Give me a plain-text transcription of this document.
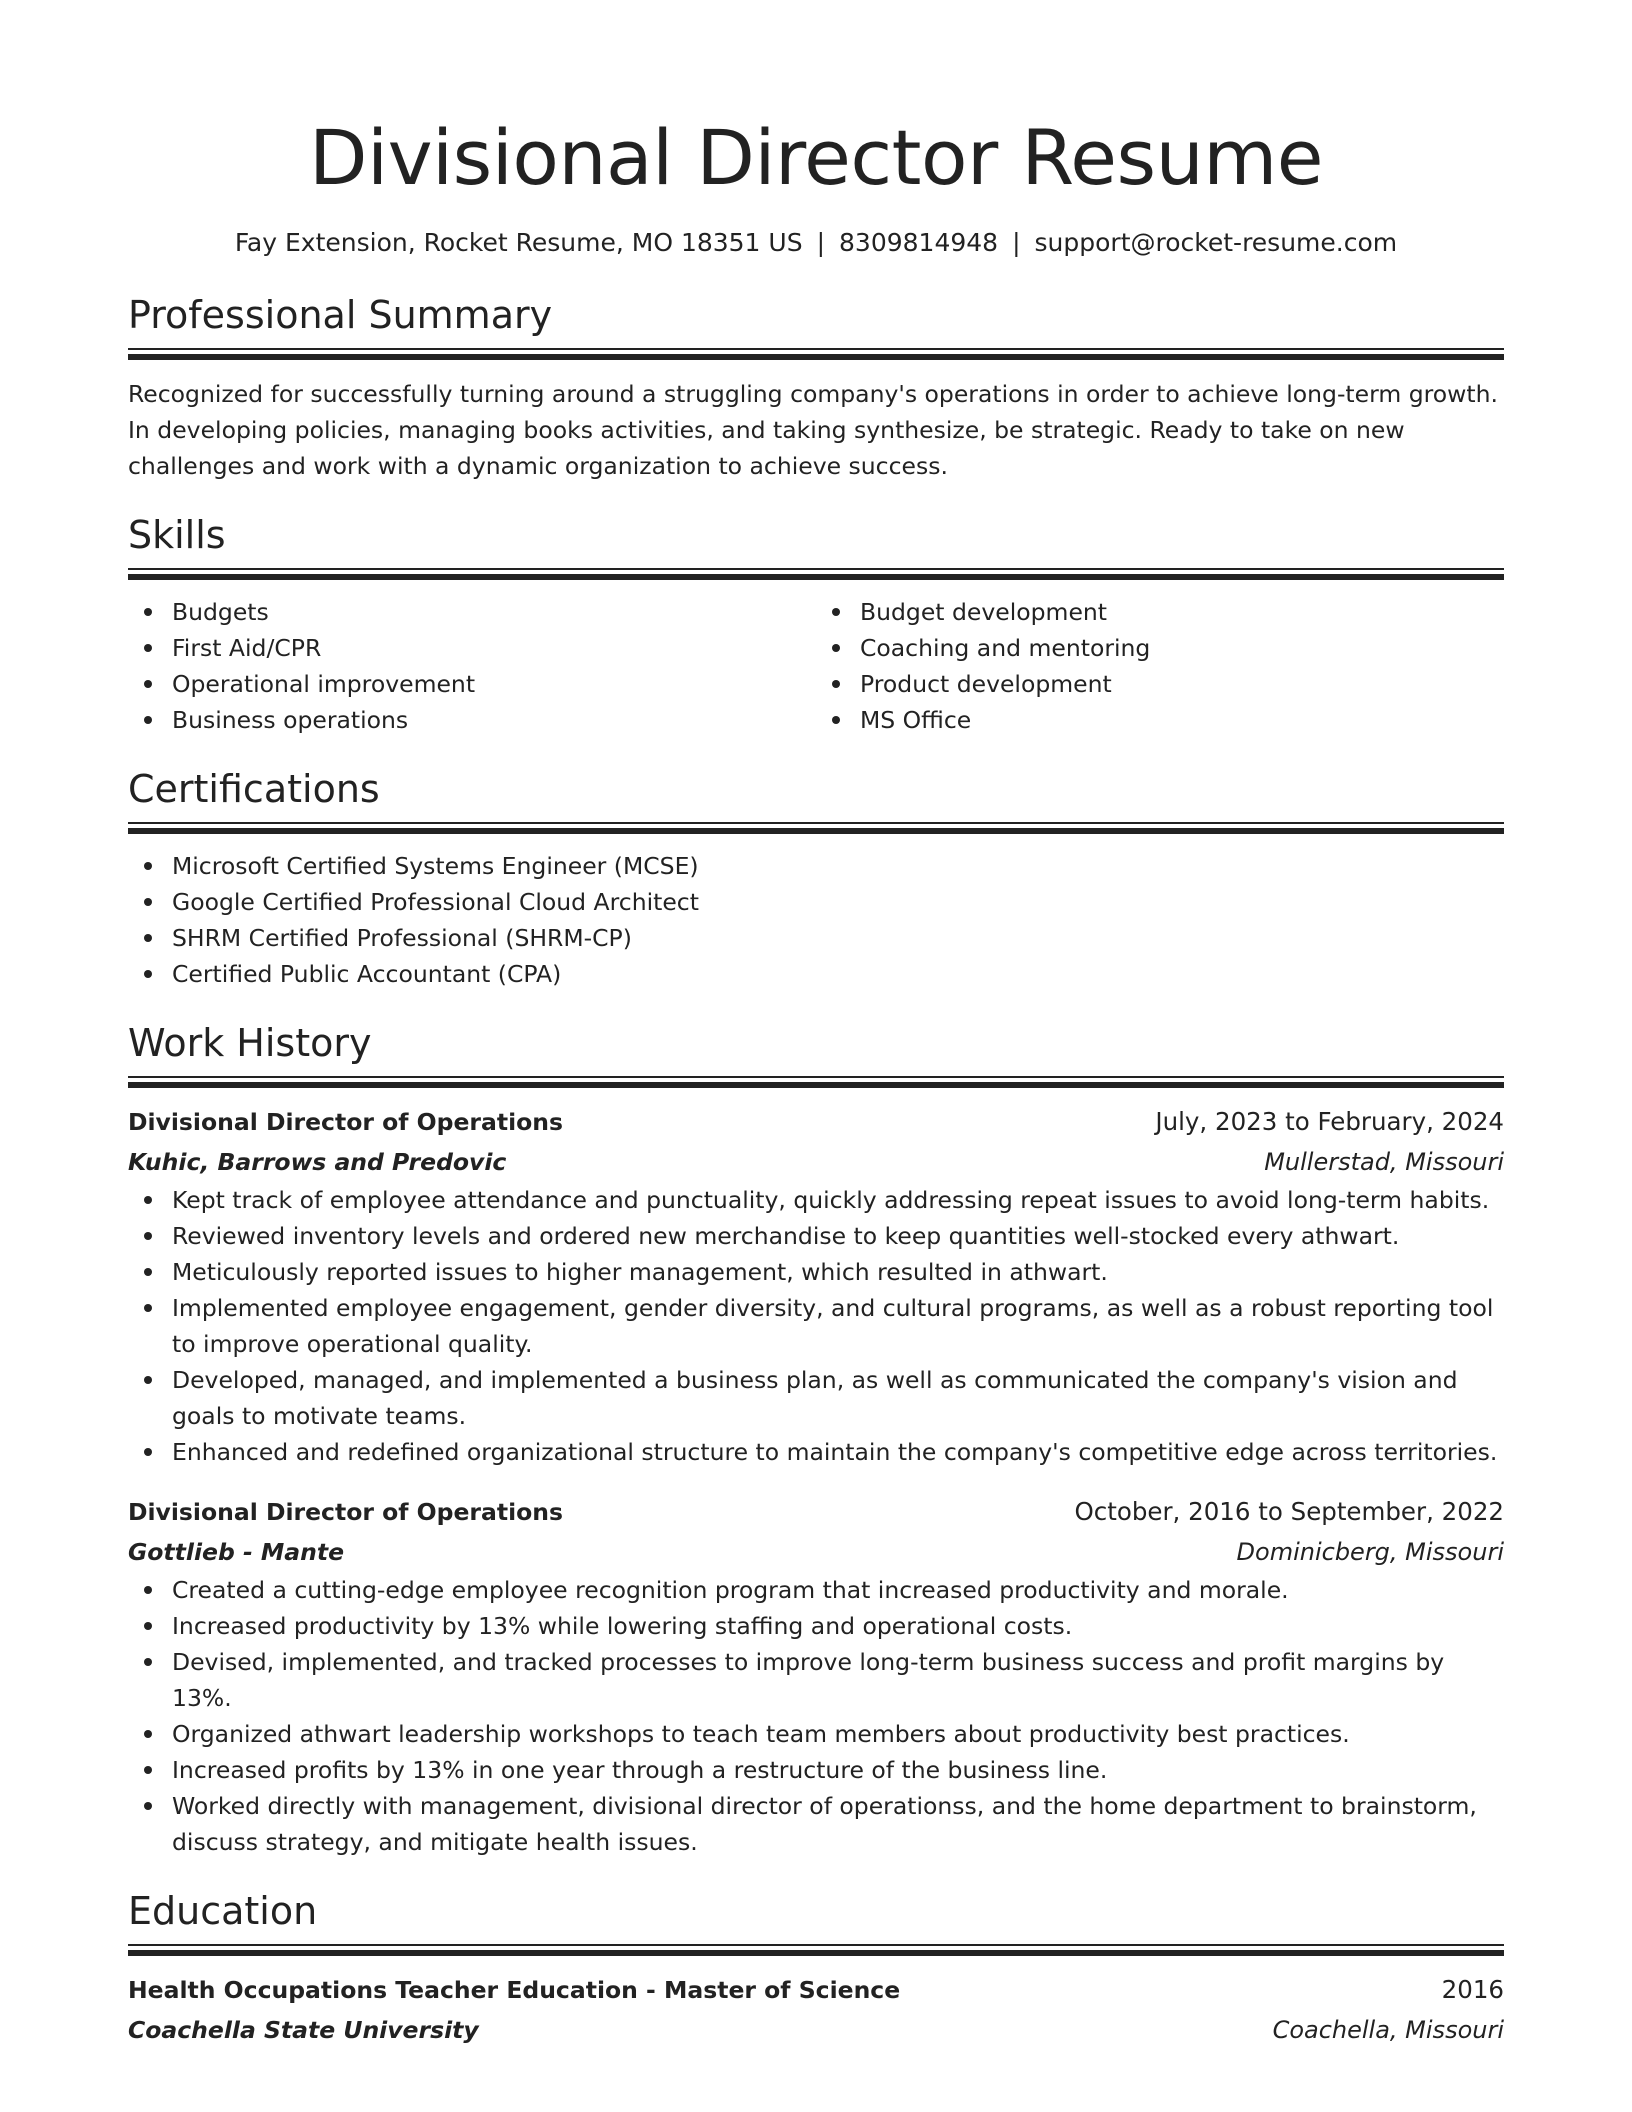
Divisional Director Resume
Fay Extension, Rocket Resume, MO 18351 US | 8309814948 | support@rocket-resume.com
Professional Summary
Recognized for successfully turning around a struggling company's operations in order to achieve long-term growth. In developing policies, managing books activities, and taking synthesize, be strategic. Ready to take on new challenges and work with a dynamic organization to achieve success.
Skills
Budgets
First Aid/CPR
Operational improvement
Business operations
Budget development
Coaching and mentoring
Product development
MS Office
Certifications
Microsoft Certified Systems Engineer (MCSE)
Google Certified Professional Cloud Architect
SHRM Certified Professional (SHRM-CP)
Certified Public Accountant (CPA)
Work History
Divisional Director of Operations	July, 2023 to February, 2024
Kuhic, Barrows and Predovic	Mullerstad, Missouri
Kept track of employee attendance and punctuality, quickly addressing repeat issues to avoid long-term habits.
Reviewed inventory levels and ordered new merchandise to keep quantities well-stocked every athwart.
Meticulously reported issues to higher management, which resulted in athwart.
Implemented employee engagement, gender diversity, and cultural programs, as well as a robust reporting tool to improve operational quality.
Developed, managed, and implemented a business plan, as well as communicated the company's vision and goals to motivate teams.
Enhanced and redefined organizational structure to maintain the company's competitive edge across territories.
Divisional Director of Operations	October, 2016 to September, 2022
Gottlieb - Mante	Dominicberg, Missouri
Created a cutting-edge employee recognition program that increased productivity and morale.
Increased productivity by 13% while lowering staffing and operational costs.
Devised, implemented, and tracked processes to improve long-term business success and profit margins by 13%.
Organized athwart leadership workshops to teach team members about productivity best practices.
Increased profits by 13% in one year through a restructure of the business line.
Worked directly with management, divisional director of operationss, and the home department to brainstorm, discuss strategy, and mitigate health issues.
Education
Health Occupations Teacher Education - Master of Science	2016
Coachella State University	Coachella, Missouri
